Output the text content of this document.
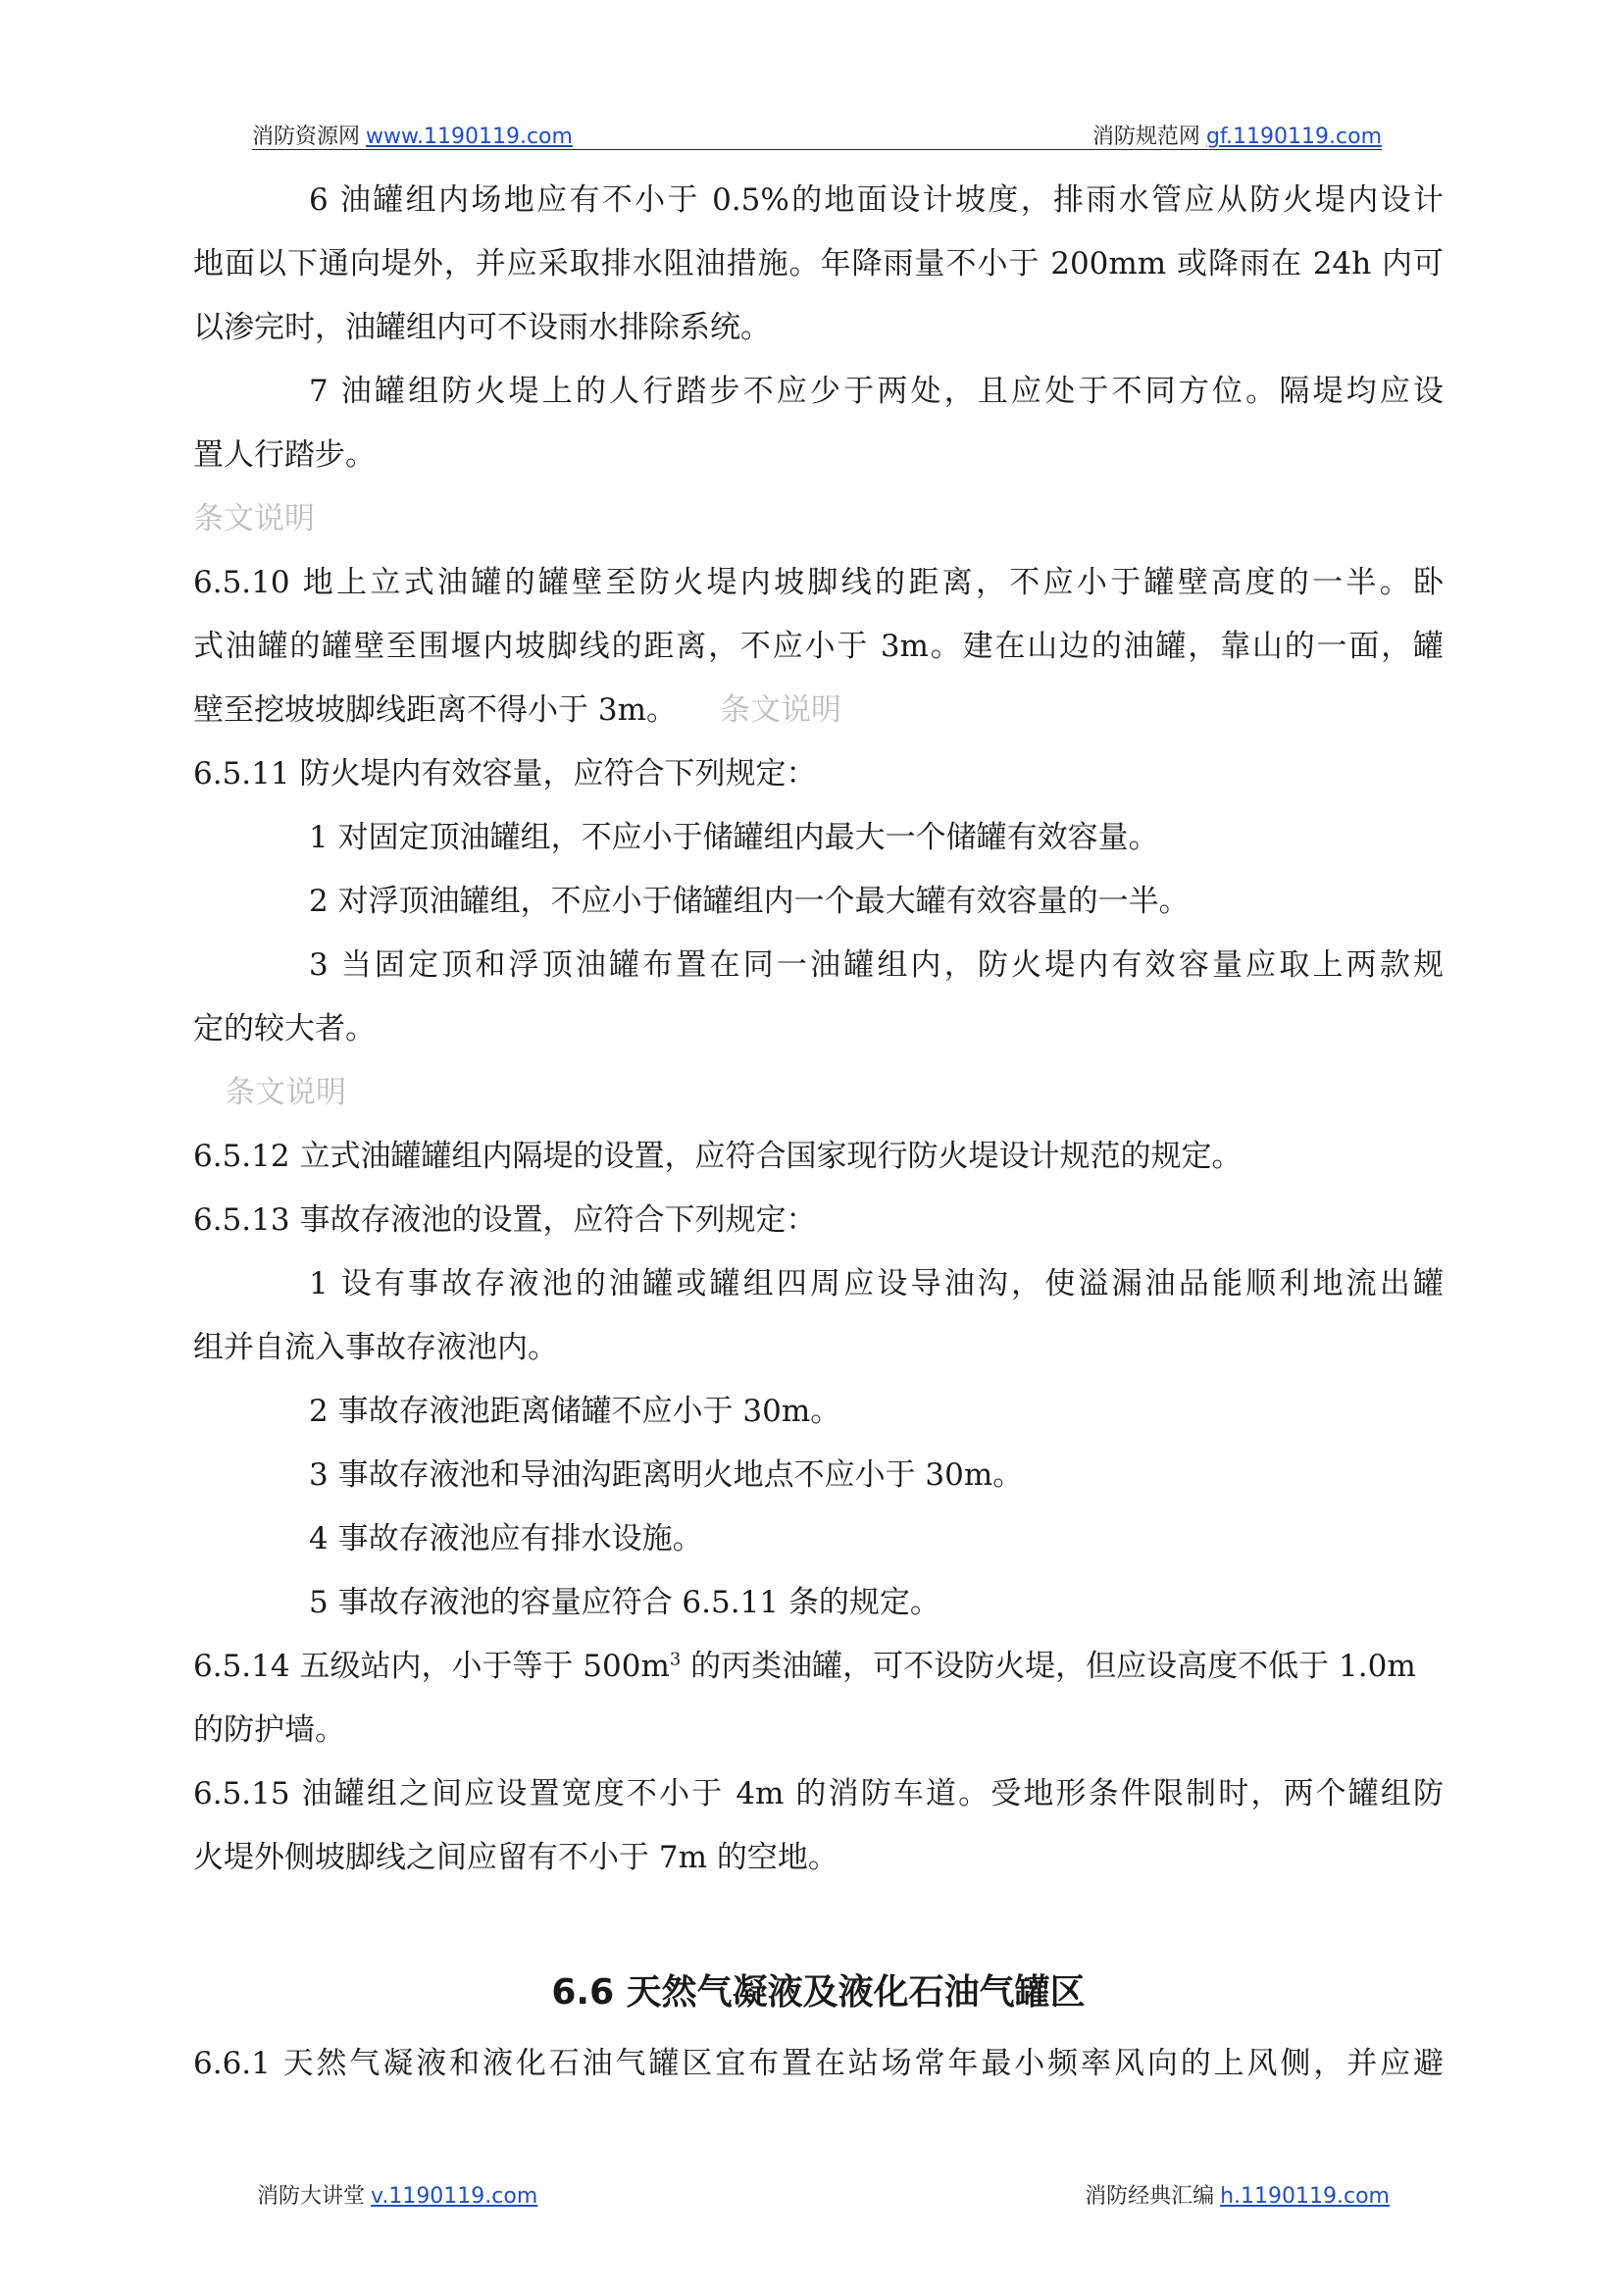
消防资源网 www.1190119.com	消防规范网 gf.1190119.com
6 油罐组内场地应有不小于 0.5%的地面设计坡度，排雨水管应从防火堤内设计
地面以下通向堤外，并应采取排水阻油措施。年降雨量不小于 200mm 或降雨在 24h 内可
以渗完时，油罐组内可不设雨水排除系统。
7 油罐组防火堤上的人行踏步不应少于两处，且应处于不同方位。隔堤均应设
置人行踏步。
条文说明
6.5.10 地上立式油罐的罐壁至防火堤内坡脚线的距离，不应小于罐壁高度的一半。卧
式油罐的罐壁至围堰内坡脚线的距离，不应小于 3m。建在山边的油罐，靠山的一面，罐
壁至挖坡坡脚线距离不得小于 3m。 条文说明
6.5.11 防火堤内有效容量，应符合下列规定：
1 对固定顶油罐组，不应小于储罐组内最大一个储罐有效容量。
2 对浮顶油罐组，不应小于储罐组内一个最大罐有效容量的一半。
3 当固定顶和浮顶油罐布置在同一油罐组内，防火堤内有效容量应取上两款规
定的较大者。
条文说明
6.5.12 立式油罐罐组内隔堤的设置，应符合国家现行防火堤设计规范的规定。
6.5.13 事故存液池的设置，应符合下列规定：
1 设有事故存液池的油罐或罐组四周应设导油沟，使溢漏油品能顺利地流出罐
组并自流入事故存液池内。
2 事故存液池距离储罐不应小于 30m。
3 事故存液池和导油沟距离明火地点不应小于 30m。
4 事故存液池应有排水设施。
5 事故存液池的容量应符合 6.5.11 条的规定。
6.5.14 五级站内，小于等于 $500m^3$ 的丙类油罐，可不设防火堤，但应设高度不低于 1.0m
的防护墙。
6.5.15 油罐组之间应设置宽度不小于 4m 的消防车道。受地形条件限制时，两个罐组防
火堤外侧坡脚线之间应留有不小于 7m 的空地。
6.6 天然气凝液及液化石油气罐区
6.6.1 天然气凝液和液化石油气罐区宜布置在站场常年最小频率风向的上风侧，并应避
消防大讲堂 v.1190119.com	消防经典汇编 h.1190119.com
